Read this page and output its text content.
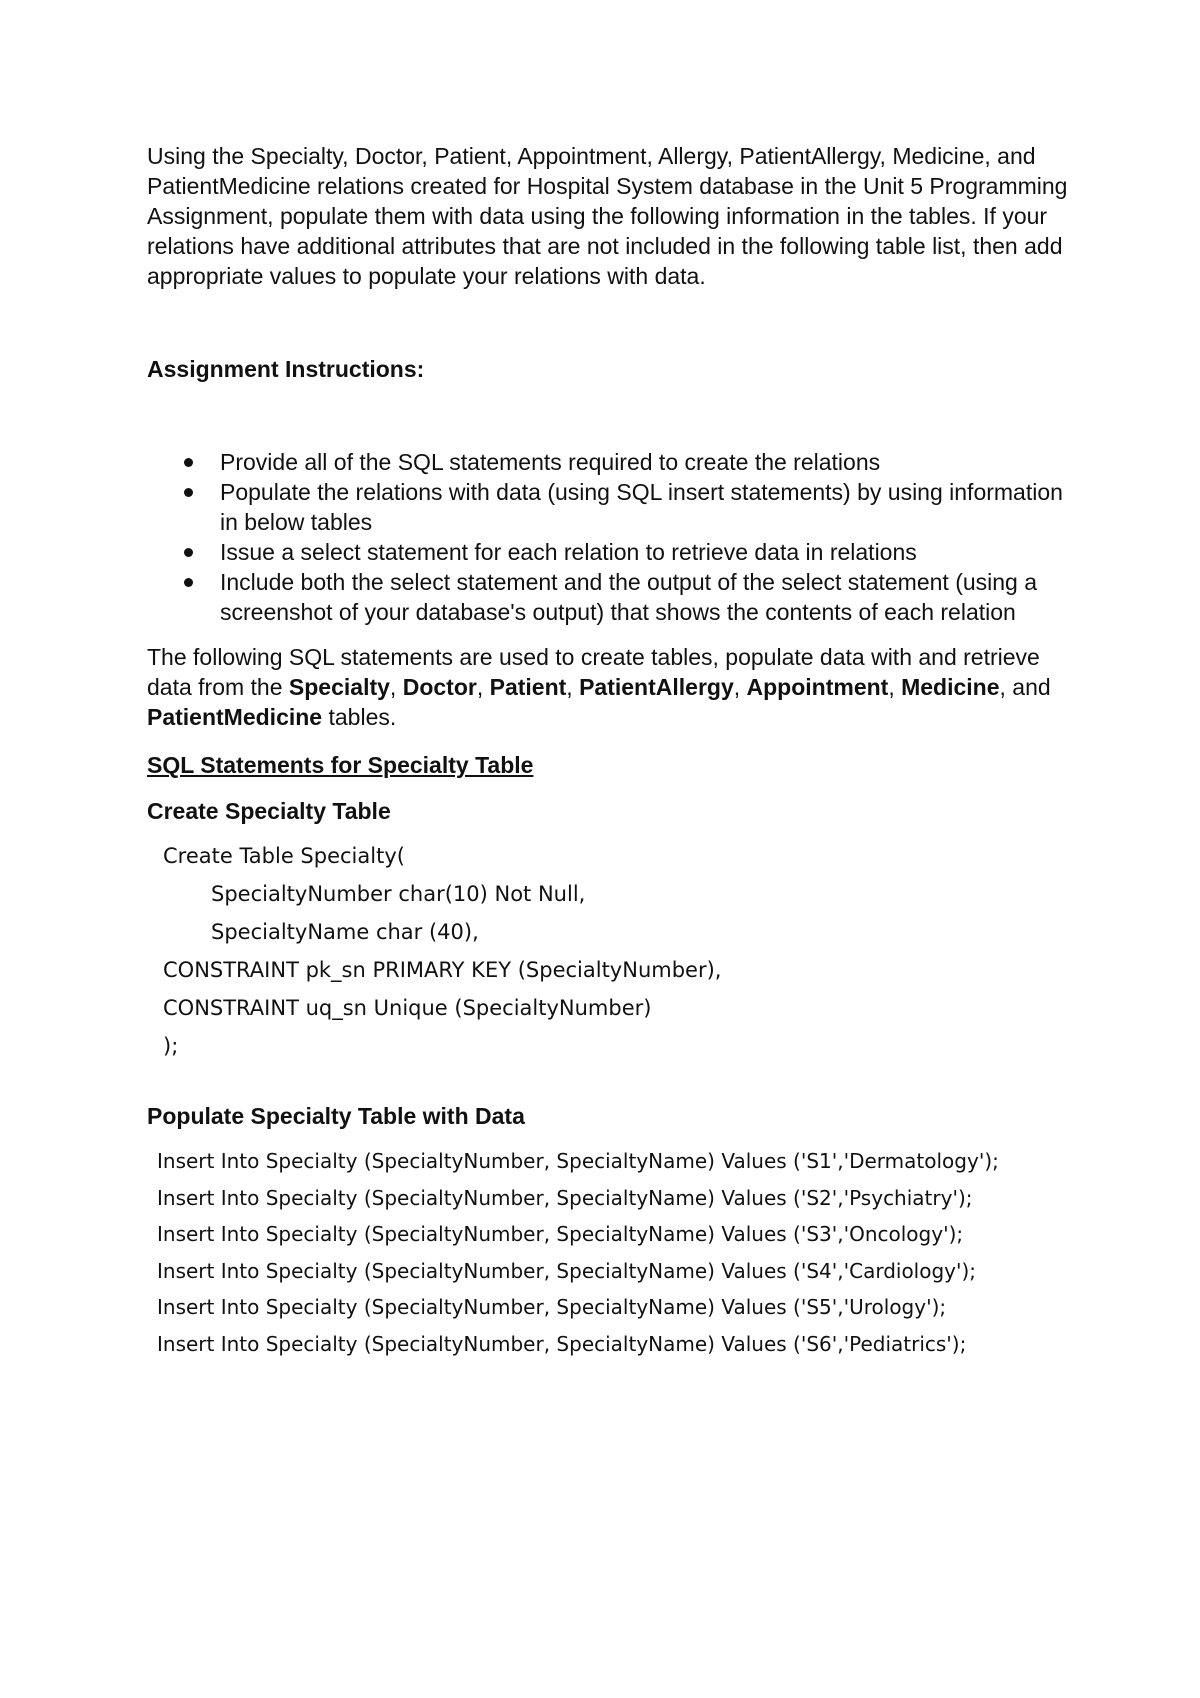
Using the Specialty, Doctor, Patient, Appointment, Allergy, PatientAllergy, Medicine, and PatientMedicine relations created for Hospital System database in the Unit 5 Programming Assignment, populate them with data using the following information in the tables. If your relations have additional attributes that are not included in the following table list, then add appropriate values to populate your relations with data.

Assignment Instructions:
Provide all of the SQL statements required to create the relations
Populate the relations with data (using SQL insert statements) by using information in below tables
Issue a select statement for each relation to retrieve data in relations
Include both the select statement and the output of the select statement (using a screenshot of your database's output) that shows the contents of each relation
The following SQL statements are used to create tables, populate data with and retrieve data from the Specialty, Doctor, Patient, PatientAllergy, Appointment, Medicine, and PatientMedicine tables.
SQL Statements for Specialty Table
Create Specialty Table
Create Table Specialty(
SpecialtyNumber char(10) Not Null,
SpecialtyName char (40),
CONSTRAINT pk_sn PRIMARY KEY (SpecialtyNumber),
CONSTRAINT uq_sn Unique (SpecialtyNumber)
);
Populate Specialty Table with Data
Insert Into Specialty (SpecialtyNumber, SpecialtyName) Values ('S1','Dermatology');
Insert Into Specialty (SpecialtyNumber, SpecialtyName) Values ('S2','Psychiatry');
Insert Into Specialty (SpecialtyNumber, SpecialtyName) Values ('S3','Oncology');
Insert Into Specialty (SpecialtyNumber, SpecialtyName) Values ('S4','Cardiology');
Insert Into Specialty (SpecialtyNumber, SpecialtyName) Values ('S5','Urology');
Insert Into Specialty (SpecialtyNumber, SpecialtyName) Values ('S6','Pediatrics');
